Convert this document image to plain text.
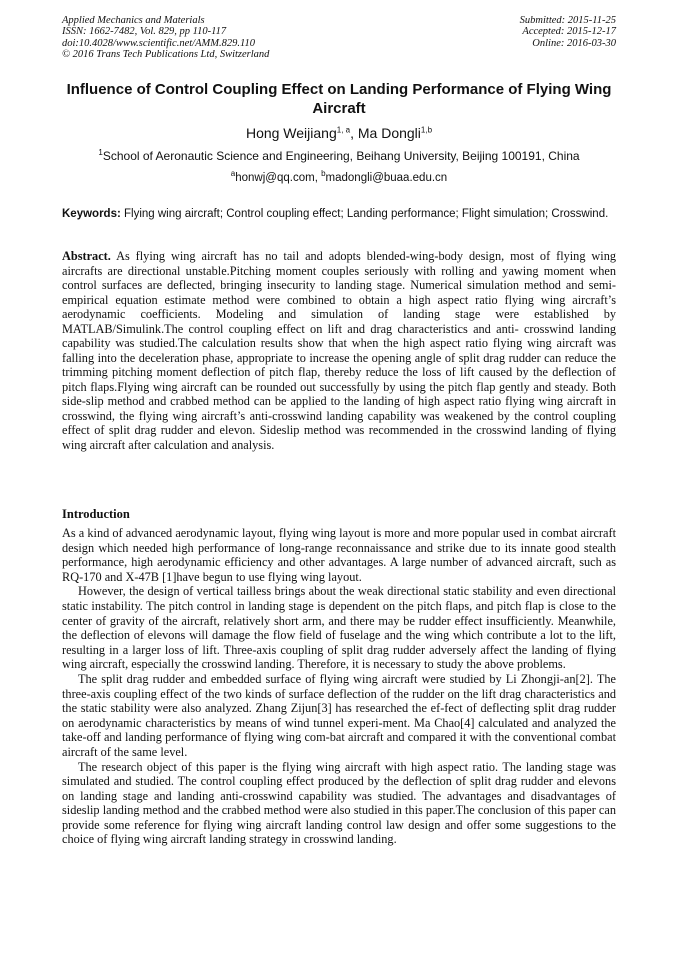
Applied Mechanics and Materials
ISSN: 1662-7482, Vol. 829, pp 110-117
doi:10.4028/www.scientific.net/AMM.829.110
© 2016 Trans Tech Publications Ltd, Switzerland
Submitted: 2015-11-25
Accepted: 2015-12-17
Online: 2016-03-30
Influence of Control Coupling Effect on Landing Performance of Flying Wing Aircraft
Hong Weijiang$^{1, a}$, Ma Dongli$^{1,b}$
$^1$School of Aeronautic Science and Engineering, Beihang University, Beijing 100191, China
$^a$honwj@qq.com, $^b$madongli@buaa.edu.cn
Keywords: Flying wing aircraft; Control coupling effect; Landing performance; Flight simulation; Crosswind.
Abstract. As flying wing aircraft has no tail and adopts blended-wing-body design, most of flying wing aircrafts are directional unstable.Pitching moment couples seriously with rolling and yawing moment when control surfaces are deflected, bringing insecurity to landing stage. Numerical simulation method and semi-empirical equation estimate method were combined to obtain a high aspect ratio flying wing aircraft’s aerodynamic coefficients. Modeling and simulation of landing stage were established by MATLAB/Simulink.The control coupling effect on lift and drag characteristics and anti- crosswind landing capability was studied.The calculation results show that when the high aspect ratio flying wing aircraft was falling into the deceleration phase, appropriate to increase the opening angle of split drag rudder can reduce the trimming pitching moment deflection of pitch flap, thereby reduce the loss of lift caused by the deflection of pitch flaps.Flying wing aircraft can be rounded out successfully by using the pitch flap gently and steady. Both side-slip method and crabbed method can be applied to the landing of high aspect ratio flying wing aircraft in crosswind, the flying wing aircraft’s anti-crosswind landing capability was weakened by the control coupling effect of split drag rudder and elevon. Sideslip method was recommended in the crosswind landing of flying wing aircraft after calculation and analysis.
Introduction

As a kind of advanced aerodynamic layout, flying wing layout is more and more popular used in combat aircraft design which needed high performance of long-range reconnaissance and strike due to its innate good stealth performance, high aerodynamic efficiency and other advantages. A large number of advanced aircraft, such as RQ-170 and X-47B [1]have begun to use flying wing layout.

However, the design of vertical tailless brings about the weak directional static stability and even directional static instability. The pitch control in landing stage is dependent on the pitch flaps, and pitch flap is close to the center of gravity of the aircraft, relatively short arm, and there may be rudder effect insufficiently. Meanwhile, the deflection of elevons will damage the flow field of fuselage and the wing which contribute a lot to the lift, resulting in a larger loss of lift. Three-axis coupling of split drag rudder adversely affect the landing of flying wing aircraft, especially the crosswind landing. Therefore, it is necessary to study the above problems.

The split drag rudder and embedded surface of flying wing aircraft were studied by Li Zhongji-an[2]. The three-axis coupling effect of the two kinds of surface deflection of the rudder on the lift drag characteristics and the static stability were also analyzed. Zhang Zijun[3] has researched the ef-fect of deflecting split drag rudder on aerodynamic characteristics by means of wind tunnel experi-ment. Ma Chao[4] calculated and analyzed the take-off and landing performance of flying wing com-bat aircraft and compared it with the conventional combat aircraft of the same level.

The research object of this paper is the flying wing aircraft with high aspect ratio. The landing stage was simulated and studied. The control coupling effect produced by the deflection of split drag rudder and elevons on landing stage and landing anti-crosswind capability was studied. The advantages and disadvantages of sideslip landing method and the crabbed method were also studied in this paper.The conclusion of this paper can provide some reference for flying wing aircraft landing control law design and offer some suggestions to the choice of flying wing aircraft landing strategy in crosswind landing.
